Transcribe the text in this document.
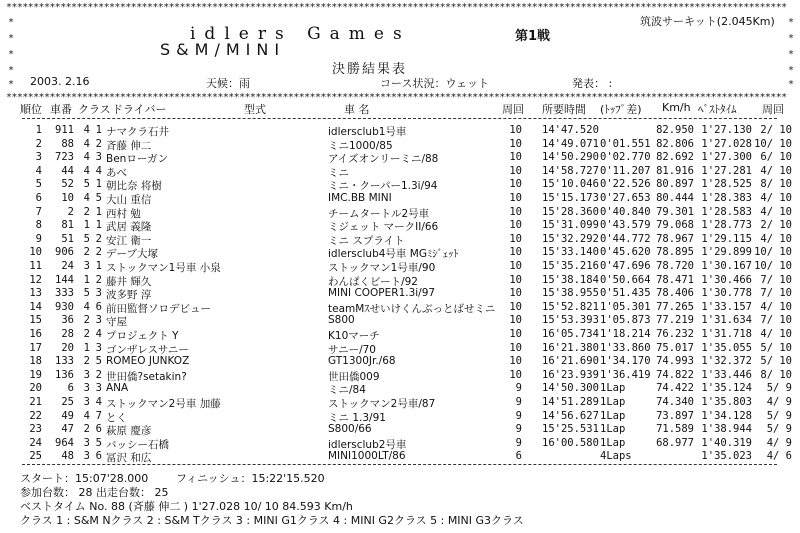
************************************************************************************************************************************************
************************************************************************************************************************************************
*
*
*
*
*
*
*
*
*
*
筑波サーキット(2.045Km)
idlers Games	第1戦
S&M/MINI
決勝結果表
2003. 2.16	天候：雨	コース状況：ウェット	発表： :
順位 車番 クラス ドライバー	型式	車 名	周回 所要時間 (ﾄｯﾌﾟ差) Km/h ﾍﾞｽﾄﾀｲﾑ 周回
1	911 4 1 ナマクラ石井	idlersclub1号車	10 14'47.520	82.950 1'27.130 2/ 10
2	88 4 2 斉藤 伸二	ミニ1000/85	10 14'49.071 0'01.551 82.806 1'27.028 10/ 10
3	723 4 3 Benローガン	アイズオンリーミニ/88	10 14'50.290 0'02.770 82.692 1'27.300 6/ 10
4	44 4 4 あべ	ミニ	10 14'58.727 0'11.207 81.916 1'27.281 4/ 10
5	52 5 1 朝比奈 将樹	ミニ・クーパー1.3i/94	10 15'10.046 0'22.526 80.897 1'28.525 8/ 10
6	10 4 5 大山 重信	IMC.BB MINI	10 15'15.173 0'27.653 80.444 1'28.383 4/ 10
7	2 2 1 西村 勉	チームタートル2号車	10 15'28.360 0'40.840 79.301 1'28.583 4/ 10
8	81 1 1 武居 義隆	ミジェット マークII/66	10 15'31.099 0'43.579 79.068 1'28.773 2/ 10
9	51 5 2 安江 衛一	ミニ スプライト	10 15'32.292 0'44.772 78.967 1'29.115 4/ 10
10	906 2 2 デーブ大塚	idlersclub4号車 MGﾐｼﾞｪｯﾄ	10 15'33.140 0'45.620 78.895 1'29.899 10/ 10
11	24 3 1 ストックマン1号車 小泉	ストックマン1号車/90	10 15'35.216 0'47.696 78.720 1'30.167 10/ 10
12	144 1 2 藤井 輝久	わんぱくビート/92	10 15'38.184 0'50.664 78.471 1'30.466 7/ 10
13	333 5 3 波多野 淳	MINI COOPER1.3i/97	10 15'38.955 0'51.435 78.406 1'30.778 7/ 10
14	930 4 6 前田監督ソロデビュー	teamMｽせいけくんぶっとばせミニ	10 15'52.821 1'05.301 77.265 1'33.157 4/ 10
15	36 2 3 守屋	S800	10 15'53.393 1'05.873 77.219 1'31.634 7/ 10
16	28 2 4 プロジェクト Y	K10マーチ	10 16'05.734 1'18.214 76.232 1'31.718 4/ 10
17	20 1 3 ゴンザレスサニー	サニー/70	10 16'21.380 1'33.860 75.017 1'35.055 5/ 10
18	133 2 5 ROMEO JUNKOZ	GT1300Jr./68	10 16'21.690 1'34.170 74.993 1'32.372 5/ 10
19	136 3 2 世田僑?setakin?	世田僑009	10 16'23.939 1'36.419 74.822 1'33.446 8/ 10
20	6 3 3 ANA	ミニ/84	9 14'50.300 1Lap	74.422 1'35.124	5/ 9
21	25 3 4 ストックマン2号車 加藤	ストックマン2号車/87	9 14'51.289 1Lap	74.340 1'35.803	4/ 9
22	49 4 7 とく	ミニ 1.3/91	9 14'56.627 1Lap	73.897 1'34.128	5/ 9
23	47 2 6 萩原 慶彦	S800/66	9 15'25.531 1Lap	71.589 1'38.944	5/ 9
24	964 3 5 バッシー石橋	idlersclub2号車	9 16'00.580 1Lap	68.977 1'40.319	4/ 9
25	48 3 6 冨沢 和広	MINI1000LT/86	6	4Laps	1'35.023	4/ 6
スタート：15:07'28.000	フィニッシュ：15:22'15.520
参加台数： 28 出走台数： 25
ベストタイム No. 88 (斉藤 伸二 ) 1'27.028 10/ 10 84.593 Km/h
クラス 1 : S&M Nクラス 2 : S&M Tクラス 3 : MINI G1クラス 4 : MINI G2クラス 5 : MINI G3クラス
